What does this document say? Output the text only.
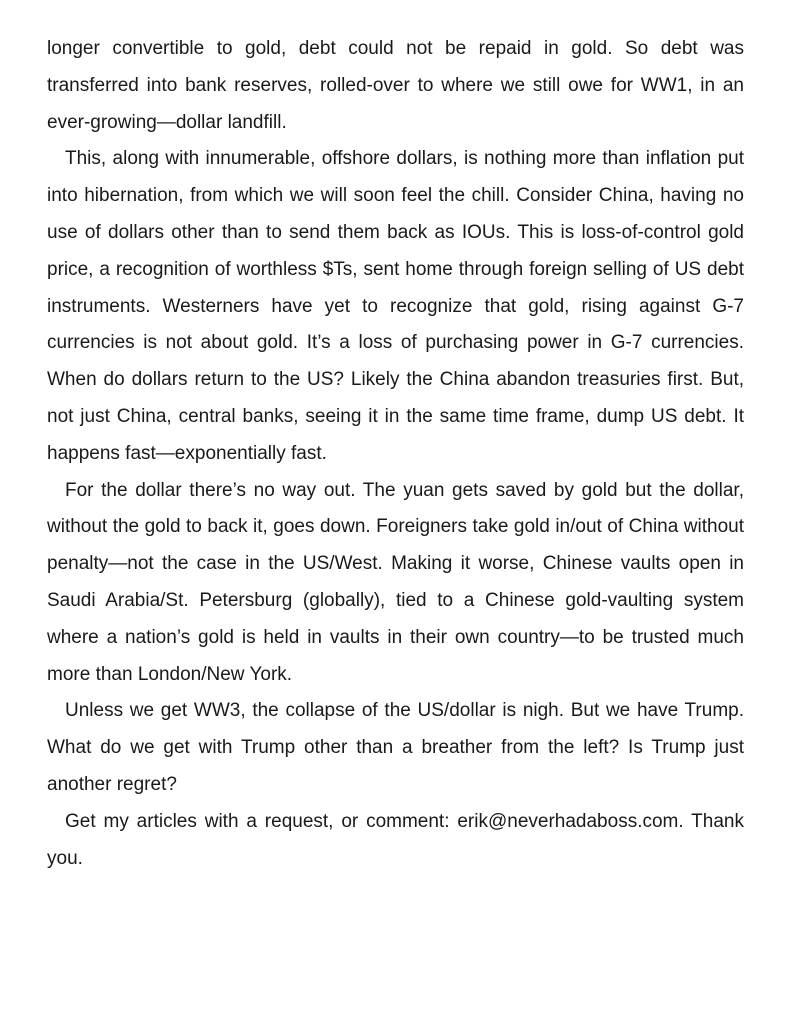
longer convertible to gold, debt could not be repaid in gold. So debt was transferred into bank reserves, rolled-over to where we still owe for WW1, in an ever-growing—dollar landfill.

This, along with innumerable, offshore dollars, is nothing more than inflation put into hibernation, from which we will soon feel the chill. Consider China, having no use of dollars other than to send them back as IOUs. This is loss-of-control gold price, a recognition of worthless $Ts, sent home through foreign selling of US debt instruments. Westerners have yet to recognize that gold, rising against G-7 currencies is not about gold. It’s a loss of purchasing power in G-7 currencies. When do dollars return to the US? Likely the China abandon treasuries first. But, not just China, central banks, seeing it in the same time frame, dump US debt. It happens fast—exponentially fast.

For the dollar there’s no way out. The yuan gets saved by gold but the dollar, without the gold to back it, goes down. Foreigners take gold in/out of China without penalty—not the case in the US/West. Making it worse, Chinese vaults open in Saudi Arabia/St. Petersburg (globally), tied to a Chinese gold-vaulting system where a nation’s gold is held in vaults in their own country—to be trusted much more than London/New York.

Unless we get WW3, the collapse of the US/dollar is nigh. But we have Trump. What do we get with Trump other than a breather from the left? Is Trump just another regret?

Get my articles with a request, or comment: erik@neverhadaboss.com. Thank you.
